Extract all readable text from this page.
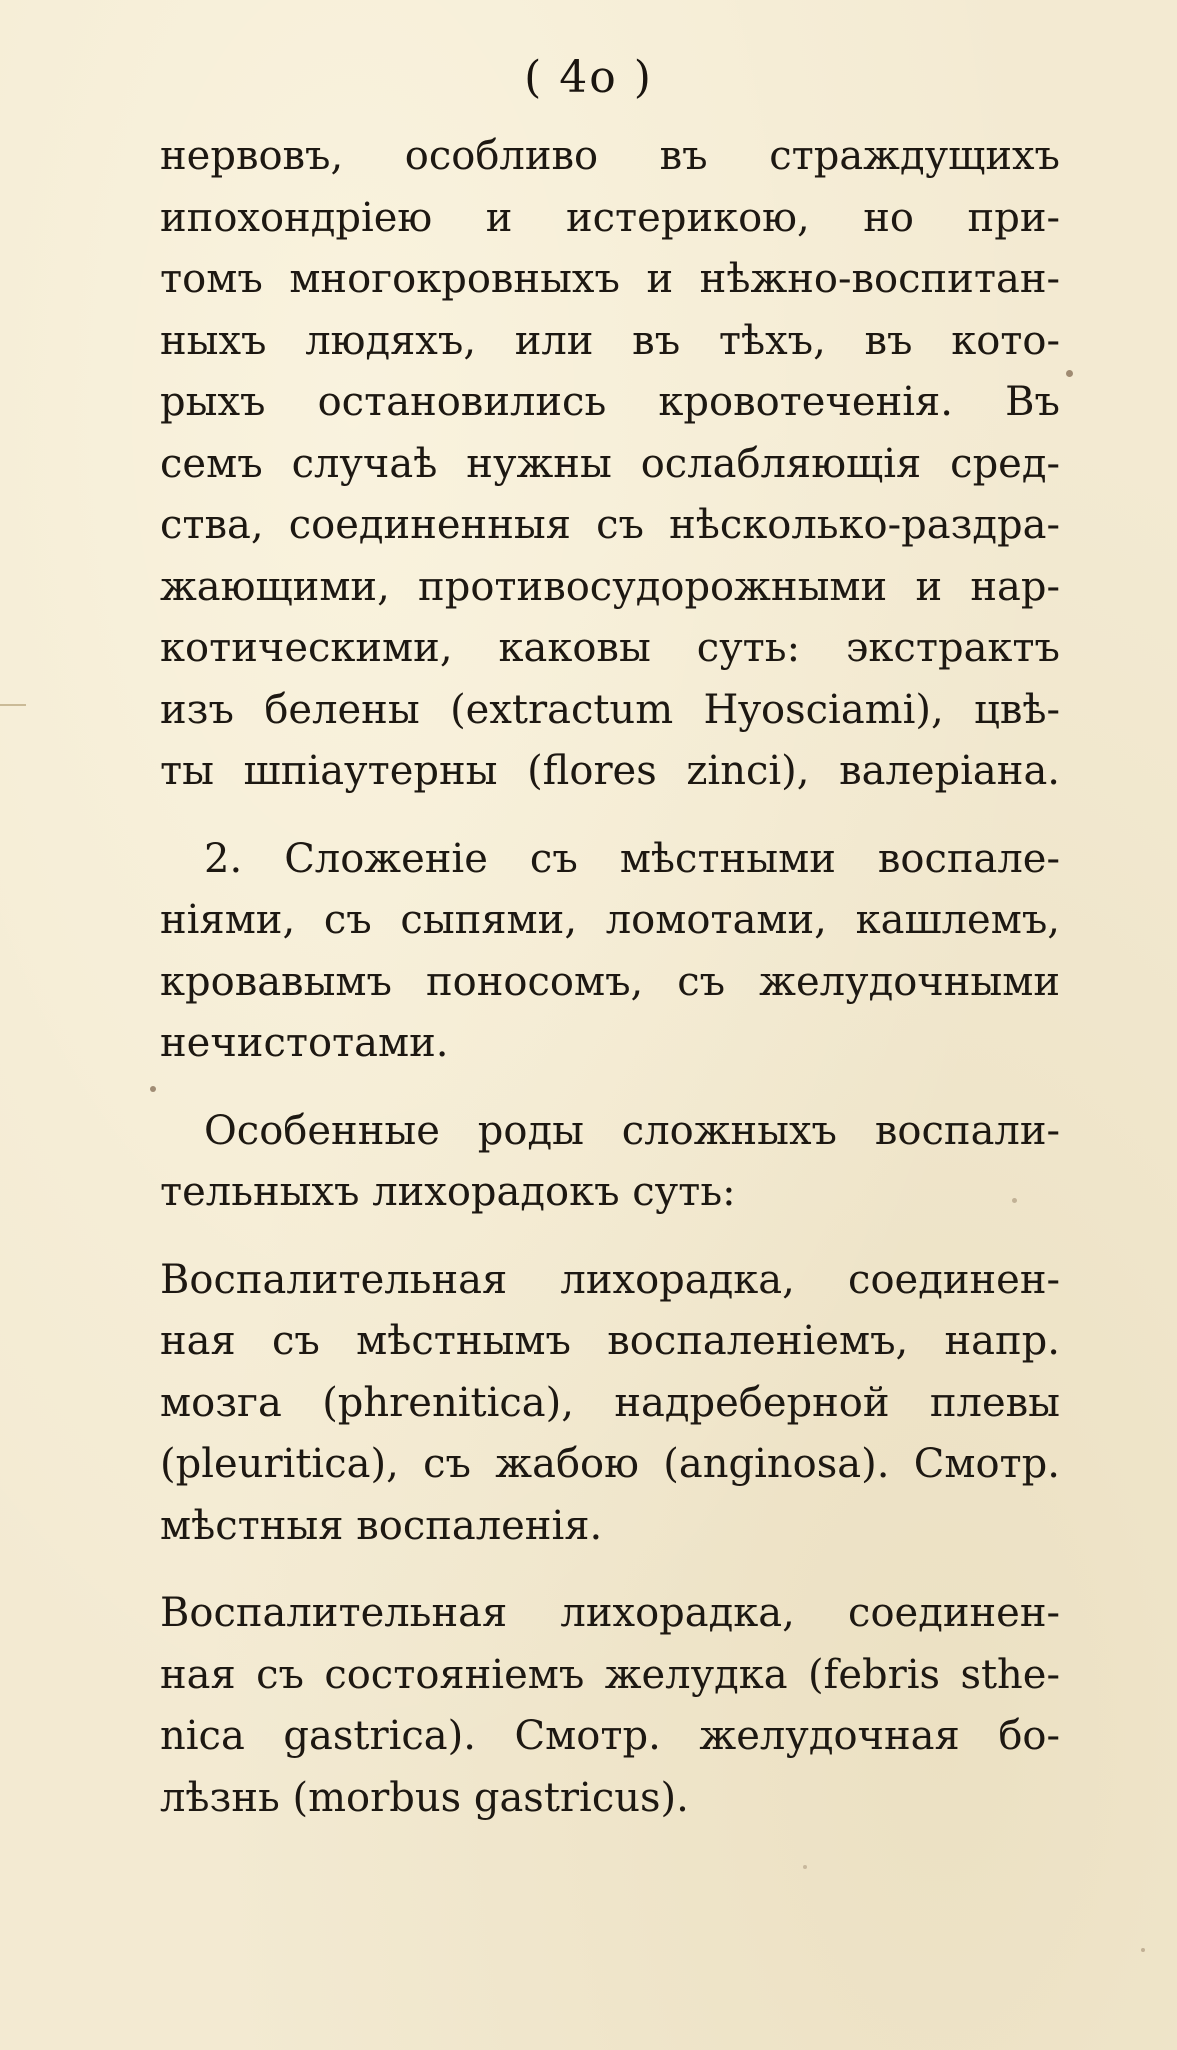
( 4o )
нервовъ, особливо въ страждущихъ
ипохондріею и истерикою, но при-
томъ многокровныхъ и нѣжно-воспитан-
ныхъ людяхъ, или въ тѣхъ, въ кото-
рыхъ остановились кровотеченія. Въ
семъ случаѣ нужны ослабляющія сред-
ства, соединенныя съ нѣсколько-раздра-
жающими, противосудорожными и нар-
котическими, каковы суть: экстрактъ
изъ белены (extractum Hyosciami), цвѣ-
ты шпіаутерны (flores zinci), валеріана.
2. Сложеніе съ мѣстными воспале-
ніями, съ сыпями, ломотами, кашлемъ,
кровавымъ поносомъ, съ желудочными
нечистотами.
Особенные роды сложныхъ воспали-
тельныхъ лихорадокъ суть:
Воспалительная лихорадка, соединен-
ная съ мѣстнымъ воспаленіемъ, напр.
мозга (phrenitica), надреберной плевы
(pleuritica), съ жабою (anginosa). Смотр.
мѣстныя воспаленія.
Воспалительная лихорадка, соединен-
ная съ состояніемъ желудка (febris sthe-
nica gastrica). Смотр. желудочная бо-
лѣзнь (morbus gastricus).
